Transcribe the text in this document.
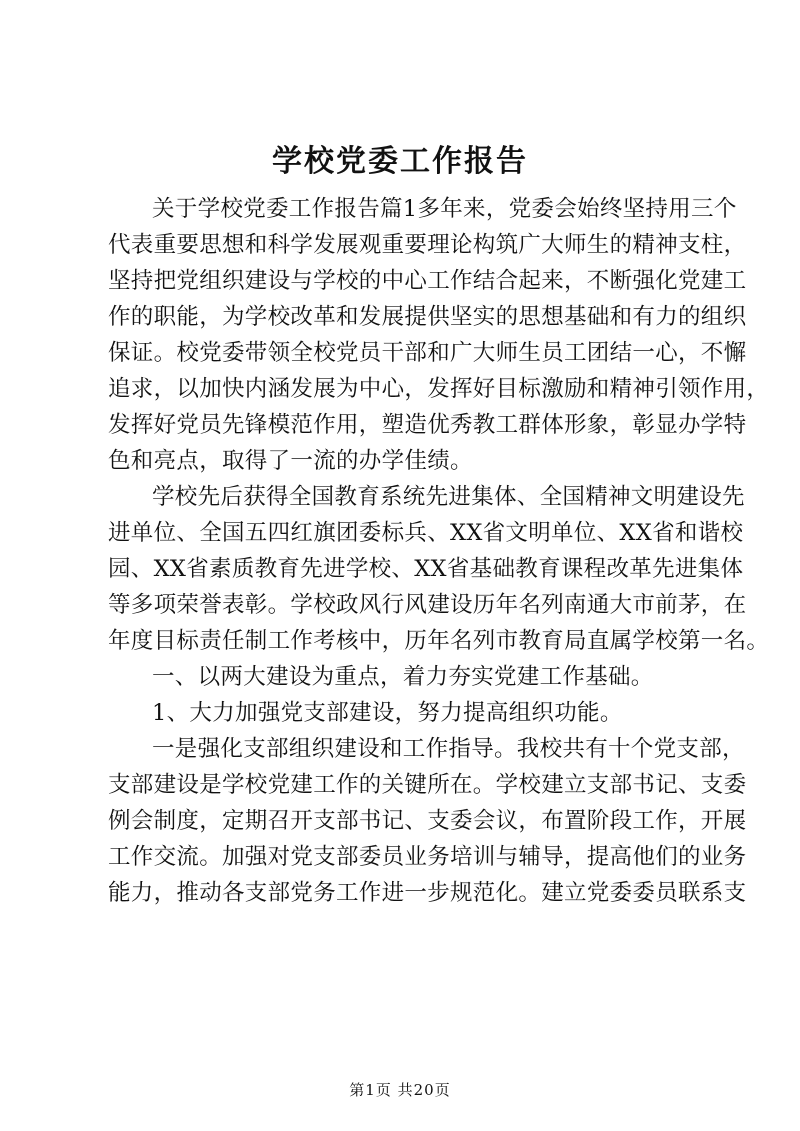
学校党委工作报告
关于学校党委工作报告篇1多年来，党委会始终坚持用三个
代表重要思想和科学发展观重要理论构筑广大师生的精神支柱，
坚持把党组织建设与学校的中心工作结合起来，不断强化党建工
作的职能，为学校改革和发展提供坚实的思想基础和有力的组织
保证。校党委带领全校党员干部和广大师生员工团结一心，不懈
追求，以加快内涵发展为中心，发挥好目标激励和精神引领作用，
发挥好党员先锋模范作用，塑造优秀教工群体形象，彰显办学特
色和亮点，取得了一流的办学佳绩。
学校先后获得全国教育系统先进集体、全国精神文明建设先
进单位、全国五四红旗团委标兵、XX省文明单位、XX省和谐校
园、XX省素质教育先进学校、XX省基础教育课程改革先进集体
等多项荣誉表彰。学校政风行风建设历年名列南通大市前茅，在
年度目标责任制工作考核中，历年名列市教育局直属学校第一名。
一、以两大建设为重点，着力夯实党建工作基础。
1、大力加强党支部建设，努力提高组织功能。
一是强化支部组织建设和工作指导。我校共有十个党支部，
支部建设是学校党建工作的关键所在。学校建立支部书记、支委
例会制度，定期召开支部书记、支委会议，布置阶段工作，开展
工作交流。加强对党支部委员业务培训与辅导，提高他们的业务
能力，推动各支部党务工作进一步规范化。建立党委委员联系支
第1页 共20页
